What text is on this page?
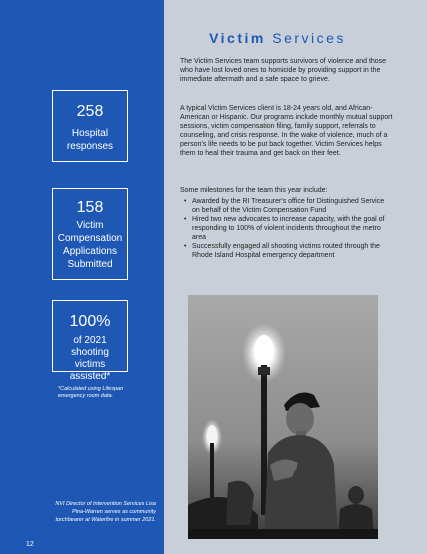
258
Hospital responses
158
Victim Compensation Applications Submitted
100%
of 2021 shooting victims assisted*
*Calculated using Lifespan emergency room data.
NVI Director of Intervention Services Lisa Pina-Warren serves as community torchbearer at Waterfire in summer 2021.
12
Victim Services

The Victim Services team supports survivors of violence and those who have lost loved ones to homicide by providing support in the immediate aftermath and a safe space to grieve.

A typical Victim Services client is 18-24 years old, and African-American or Hispanic. Our programs include monthly mutual support sessions, victim compensation filing, family support, referrals to counseling, and crisis response. In the wake of violence, much of a person's life needs to be put back together. Victim Services helps them to heal their trauma and get back on their feet.

Some milestones for the team this year include:

• Awarded by the RI Treasurer's office for Distinguished Service on behalf of the Victim Compensation Fund
• Hired two new advocates to increase capacity, with the goal of responding to 100% of violent incidents throughout the metro area
• Successfully engaged all shooting victims routed through the Rhode Island Hospital emergency department
